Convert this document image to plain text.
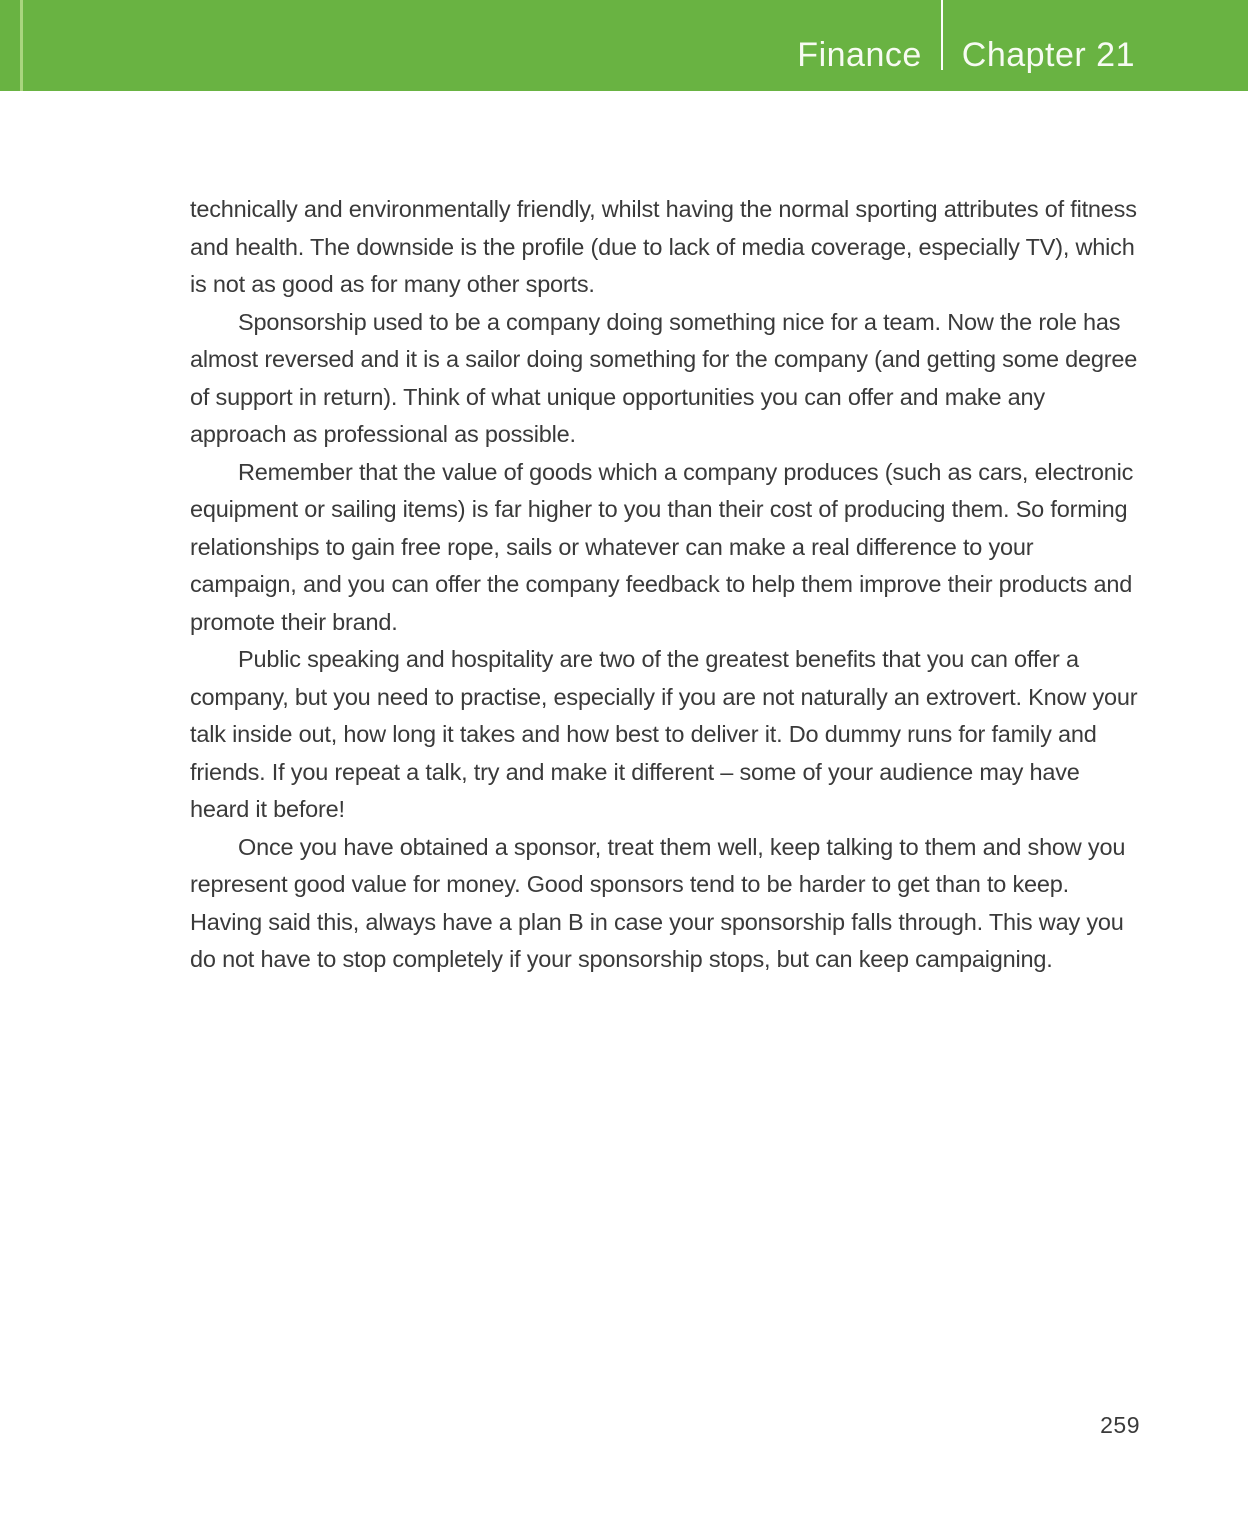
Finance Chapter 21

technically and environmentally friendly, whilst having the normal sporting attributes of fitness and health. The downside is the profile (due to lack of media coverage, especially TV), which is not as good as for many other sports.

Sponsorship used to be a company doing something nice for a team. Now the role has almost reversed and it is a sailor doing something for the company (and getting some degree of support in return). Think of what unique opportunities you can offer and make any approach as professional as possible.

Remember that the value of goods which a company produces (such as cars, electronic equipment or sailing items) is far higher to you than their cost of producing them. So forming relationships to gain free rope, sails or whatever can make a real difference to your campaign, and you can offer the company feedback to help them improve their products and promote their brand.

Public speaking and hospitality are two of the greatest benefits that you can offer a company, but you need to practise, especially if you are not naturally an extrovert. Know your talk inside out, how long it takes and how best to deliver it. Do dummy runs for family and friends. If you repeat a talk, try and make it different – some of your audience may have heard it before!

Once you have obtained a sponsor, treat them well, keep talking to them and show you represent good value for money. Good sponsors tend to be harder to get than to keep. Having said this, always have a plan B in case your sponsorship falls through. This way you do not have to stop completely if your sponsorship stops, but can keep campaigning.

259
